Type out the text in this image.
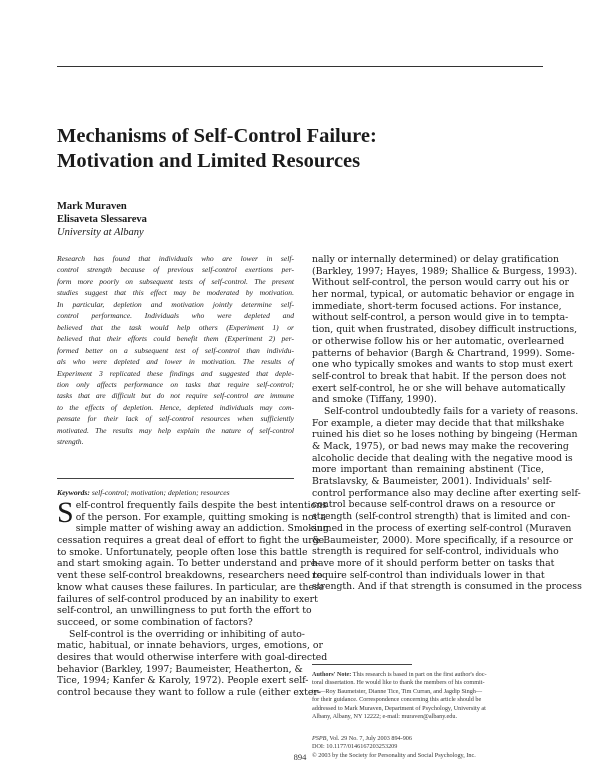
Mechanisms of Self-Control Failure:
Motivation and Limited Resources
Mark Muraven
Elisaveta Slessareva
University at Albany
Research has found that individuals who are lower in self-
control strength because of previous self-control exertions per-
form more poorly on subsequent tests of self-control. The present
studies suggest that this effect may be moderated by motivation.
In particular, depletion and motivation jointly determine self-
control performance. Individuals who were depleted and
believed that the task would help others (Experiment 1) or
believed that their efforts could benefit them (Experiment 2) per-
formed better on a subsequent test of self-control than individu-
als who were depleted and lower in motivation. The results of
Experiment 3 replicated these findings and suggested that deple-
tion only affects performance on tasks that require self-control;
tasks that are difficult but do not require self-control are immune
to the effects of depletion. Hence, depleted individuals may com-
pensate for their lack of self-control resources when sufficiently
motivated. The results may help explain the nature of self-control
strength.
Keywords: self-control; motivation; depletion; resources
S elf-control frequently fails despite the best intentions
of the person. For example, quitting smoking is not a
simple matter of wishing away an addiction. Smoking
cessation requires a great deal of effort to fight the urge
to smoke. Unfortunately, people often lose this battle
and start smoking again. To better understand and pre-
vent these self-control breakdowns, researchers need to
know what causes these failures. In particular, are these
failures of self-control produced by an inability to exert
self-control, an unwillingness to put forth the effort to
succeed, or some combination of factors?
Self-control is the overriding or inhibiting of auto-
matic, habitual, or innate behaviors, urges, emotions, or
desires that would otherwise interfere with goal-directed
behavior (Barkley, 1997; Baumeister, Heatherton, &
Tice, 1994; Kanfer & Karoly, 1972). People exert self-
control because they want to follow a rule (either exter-
nally or internally determined) or delay gratification
(Barkley, 1997; Hayes, 1989; Shallice & Burgess, 1993).
Without self-control, the person would carry out his or
her normal, typical, or automatic behavior or engage in
immediate, short-term focused actions. For instance,
without self-control, a person would give in to tempta-
tion, quit when frustrated, disobey difficult instructions,
or otherwise follow his or her automatic, overlearned
patterns of behavior (Bargh & Chartrand, 1999). Some-
one who typically smokes and wants to stop must exert
self-control to break that habit. If the person does not
exert self-control, he or she will behave automatically
and smoke (Tiffany, 1990).
Self-control undoubtedly fails for a variety of reasons.
For example, a dieter may decide that that milkshake
ruined his diet so he loses nothing by bingeing (Herman
& Mack, 1975), or bad news may make the recovering
alcoholic decide that dealing with the negative mood is
more important than remaining abstinent (Tice,
Bratslavsky, & Baumeister, 2001). Individuals' self-
control performance also may decline after exerting self-
control because self-control draws on a resource or
strength (self-control strength) that is limited and con-
sumed in the process of exerting self-control (Muraven
& Baumeister, 2000). More specifically, if a resource or
strength is required for self-control, individuals who
have more of it should perform better on tasks that
require self-control than individuals lower in that
strength. And if that strength is consumed in the process
Authors' Note: This research is based in part on the first author's doc-
toral dissertation. He would like to thank the members of his commit-
tee—Roy Baumeister, Dianne Tice, Tim Curran, and Jagdip Singh—
for their guidance. Correspondence concerning this article should be
addressed to Mark Muraven, Department of Psychology, University at
Albany, Albany, NY 12222; e-mail: muraven@albany.edu.
PSPB, Vol. 29 No. 7, July 2003 894-906
DOI: 10.1177/0146167203253209
© 2003 by the Society for Personality and Social Psychology, Inc.
894
